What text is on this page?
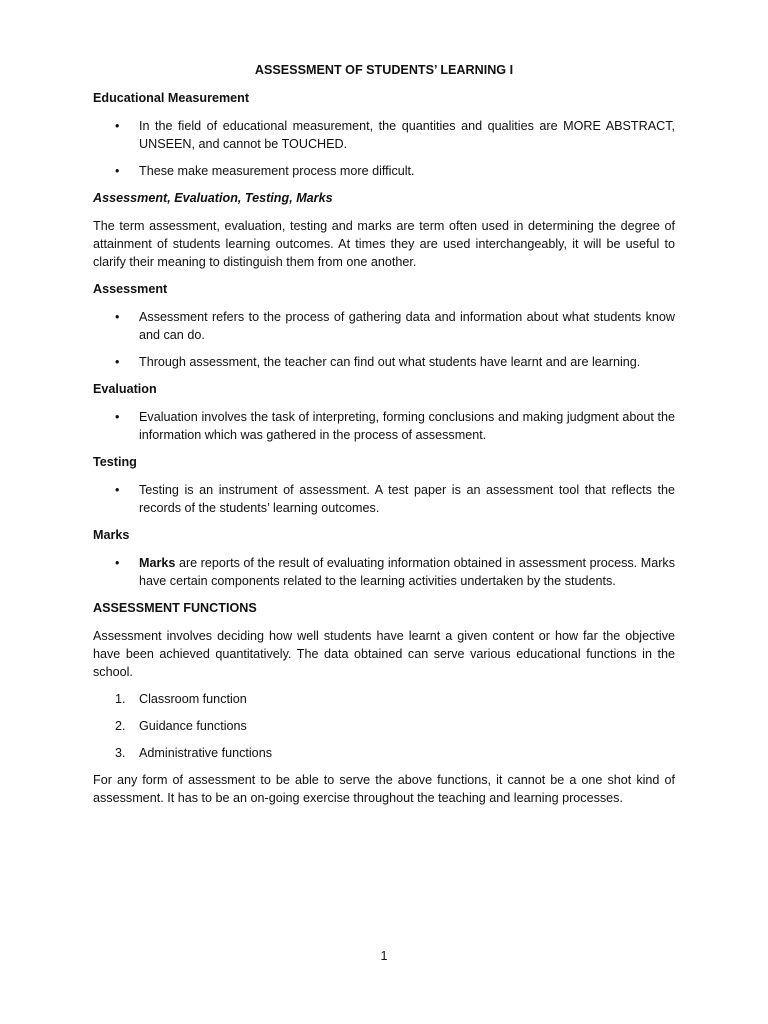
ASSESSMENT OF STUDENTS’ LEARNING I
Educational Measurement
• In the field of educational measurement, the quantities and qualities are MORE ABSTRACT, UNSEEN, and cannot be TOUCHED.
• These make measurement process more difficult.
Assessment, Evaluation, Testing, Marks

The term assessment, evaluation, testing and marks are term often used in determining the degree of attainment of students learning outcomes. At times they are used interchangeably, it will be useful to clarify their meaning to distinguish them from one another.

Assessment
• Assessment refers to the process of gathering data and information about what students know and can do.
• Through assessment, the teacher can find out what students have learnt and are learning.
Evaluation
• Evaluation involves the task of interpreting, forming conclusions and making judgment about the information which was gathered in the process of assessment.
Testing
• Testing is an instrument of assessment. A test paper is an assessment tool that reflects the records of the students’ learning outcomes.
Marks
• Marks are reports of the result of evaluating information obtained in assessment process. Marks have certain components related to the learning activities undertaken by the students.
ASSESSMENT FUNCTIONS

Assessment involves deciding how well students have learnt a given content or how far the objective have been achieved quantitatively. The data obtained can serve various educational functions in the school.

1. Classroom function
2. Guidance functions
3. Administrative functions

For any form of assessment to be able to serve the above functions, it cannot be a one shot kind of assessment. It has to be an on-going exercise throughout the teaching and learning processes.

1
